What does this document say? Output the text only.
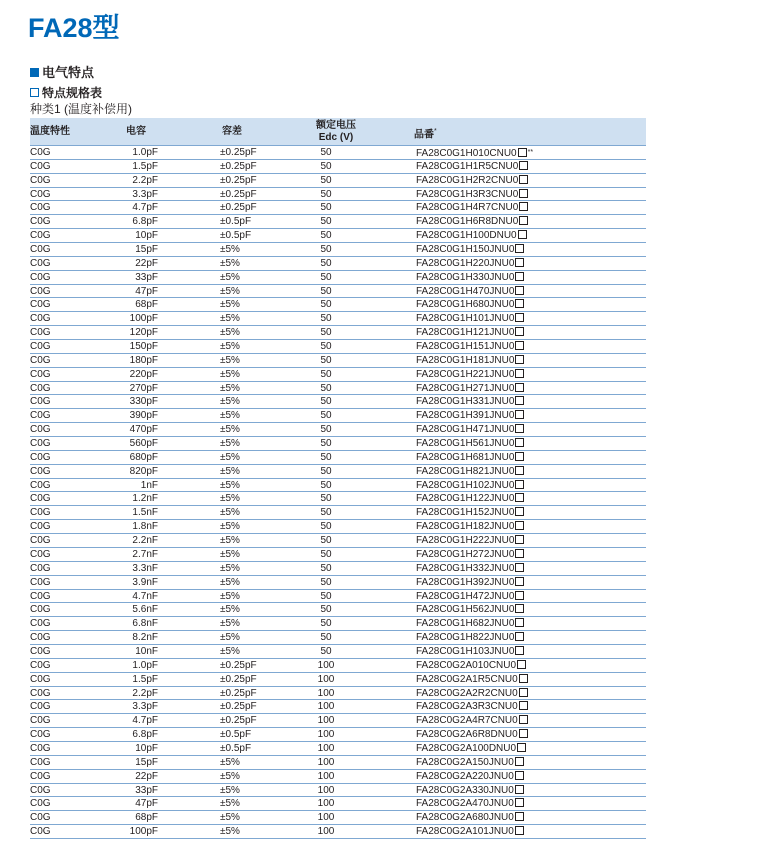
FA28型
电气特点
特点规格表
种类1 (温度补偿用)
温度特性	电容	容差
额定电压
Edc (V)	品番*
C0G	1.0pF	±0.25pF	50	FA28C0G1H010CNU0 **
C0G	1.5pF	±0.25pF	50	FA28C0G1H1R5CNU0
C0G	2.2pF	±0.25pF	50	FA28C0G1H2R2CNU0
C0G	3.3pF	±0.25pF	50	FA28C0G1H3R3CNU0
C0G	4.7pF	±0.25pF	50	FA28C0G1H4R7CNU0
C0G	6.8pF	±0.5pF	50	FA28C0G1H6R8DNU0
C0G	10pF	±0.5pF	50	FA28C0G1H100DNU0
C0G	15pF	±5%	50	FA28C0G1H150JNU0
C0G	22pF	±5%	50	FA28C0G1H220JNU0
C0G	33pF	±5%	50	FA28C0G1H330JNU0
C0G	47pF	±5%	50	FA28C0G1H470JNU0
C0G	68pF	±5%	50	FA28C0G1H680JNU0
C0G	100pF	±5%	50	FA28C0G1H101JNU0
C0G	120pF	±5%	50	FA28C0G1H121JNU0
C0G	150pF	±5%	50	FA28C0G1H151JNU0
C0G	180pF	±5%	50	FA28C0G1H181JNU0
C0G	220pF	±5%	50	FA28C0G1H221JNU0
C0G	270pF	±5%	50	FA28C0G1H271JNU0
C0G	330pF	±5%	50	FA28C0G1H331JNU0
C0G	390pF	±5%	50	FA28C0G1H391JNU0
C0G	470pF	±5%	50	FA28C0G1H471JNU0
C0G	560pF	±5%	50	FA28C0G1H561JNU0
C0G	680pF	±5%	50	FA28C0G1H681JNU0
C0G	820pF	±5%	50	FA28C0G1H821JNU0
C0G	1nF	±5%	50	FA28C0G1H102JNU0
C0G	1.2nF	±5%	50	FA28C0G1H122JNU0
C0G	1.5nF	±5%	50	FA28C0G1H152JNU0
C0G	1.8nF	±5%	50	FA28C0G1H182JNU0
C0G	2.2nF	±5%	50	FA28C0G1H222JNU0
C0G	2.7nF	±5%	50	FA28C0G1H272JNU0
C0G	3.3nF	±5%	50	FA28C0G1H332JNU0
C0G	3.9nF	±5%	50	FA28C0G1H392JNU0
C0G	4.7nF	±5%	50	FA28C0G1H472JNU0
C0G	5.6nF	±5%	50	FA28C0G1H562JNU0
C0G	6.8nF	±5%	50	FA28C0G1H682JNU0
C0G	8.2nF	±5%	50	FA28C0G1H822JNU0
C0G	10nF	±5%	50	FA28C0G1H103JNU0
C0G	1.0pF	±0.25pF	100	FA28C0G2A010CNU0
C0G	1.5pF	±0.25pF	100	FA28C0G2A1R5CNU0
C0G	2.2pF	±0.25pF	100	FA28C0G2A2R2CNU0
C0G	3.3pF	±0.25pF	100	FA28C0G2A3R3CNU0
C0G	4.7pF	±0.25pF	100	FA28C0G2A4R7CNU0
C0G	6.8pF	±0.5pF	100	FA28C0G2A6R8DNU0
C0G	10pF	±0.5pF	100	FA28C0G2A100DNU0
C0G	15pF	±5%	100	FA28C0G2A150JNU0
C0G	22pF	±5%	100	FA28C0G2A220JNU0
C0G	33pF	±5%	100	FA28C0G2A330JNU0
C0G	47pF	±5%	100	FA28C0G2A470JNU0
C0G	68pF	±5%	100	FA28C0G2A680JNU0
C0G	100pF	±5%	100	FA28C0G2A101JNU0
